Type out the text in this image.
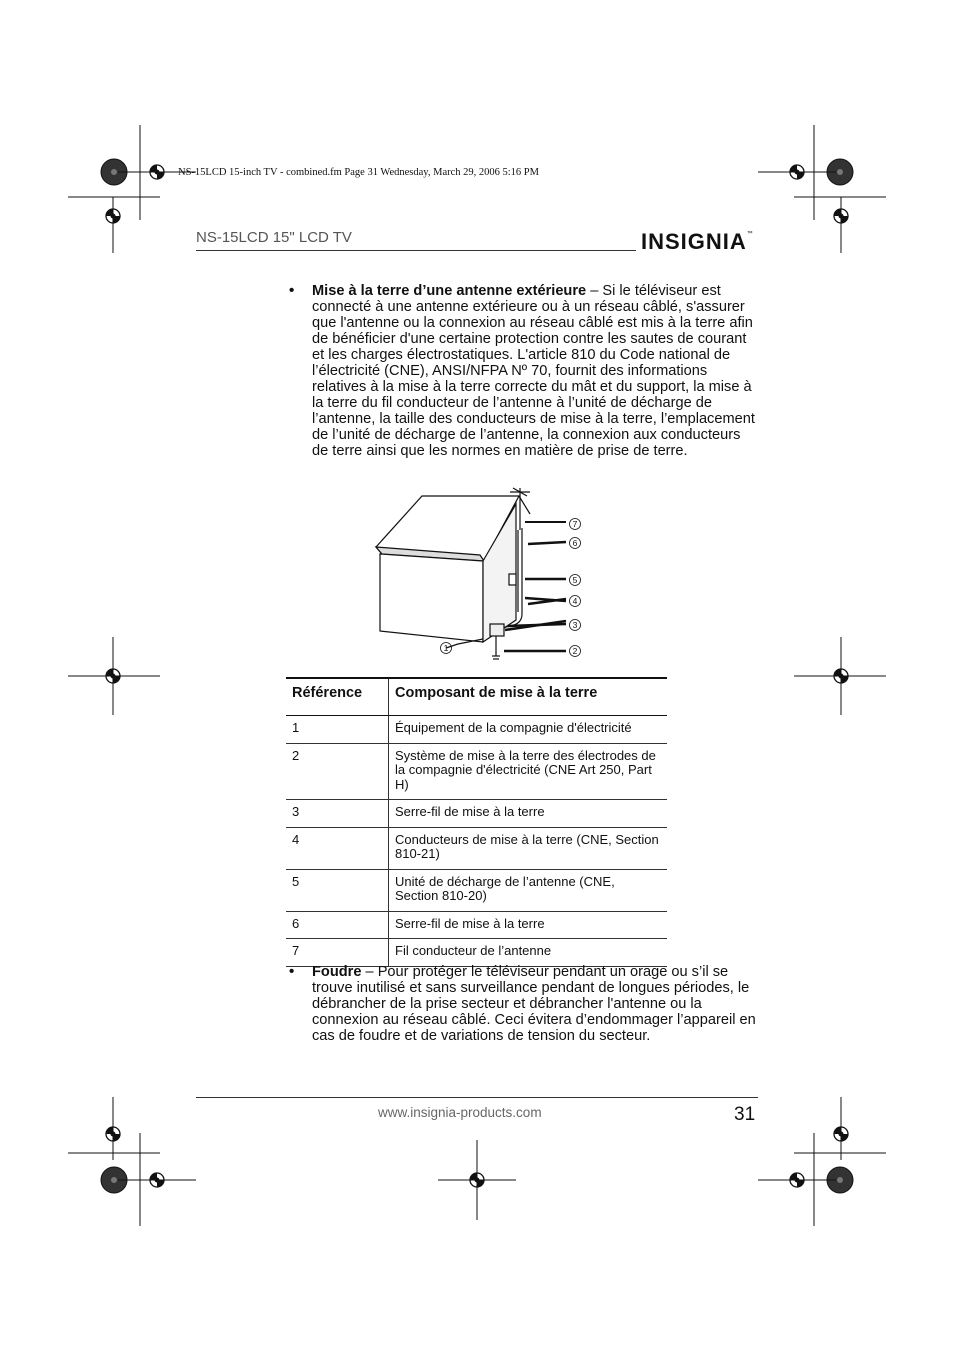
NS-15LCD 15-inch TV - combined.fm Page 31 Wednesday, March 29, 2006 5:16 PM
NS-15LCD 15" LCD TV	INSIGNIA™
• Mise à la terre d’une antenne extérieure – Si le téléviseur est connecté à une antenne extérieure ou à un réseau câblé, s'assurer que l'antenne ou la connexion au réseau câblé est mis à la terre afin de bénéficier d'une certaine protection contre les sautes de courant et les charges électrostatiques. L'article 810 du Code national de l’électricité (CNE), ANSI/NFPA Nº 70, fournit des informations relatives à la mise à la terre correcte du mât et du support, la mise à la terre du fil conducteur de l’antenne à l’unité de décharge de l’antenne, la taille des conducteurs de mise à la terre, l’emplacement de l’unité de décharge de l’antenne, la connexion aux conducteurs de terre ainsi que les normes en matière de prise de terre.
1	2
3
4
5
6
7
Référence	Composant de mise à la terre
1	Équipement de la compagnie d'électricité
2	Système de mise à la terre des électrodes de la compagnie d'électricité (CNE Art 250, Part H)
3	Serre-fil de mise à la terre
4	Conducteurs de mise à la terre (CNE, Section 810-21)
5	Unité de décharge de l’antenne (CNE, Section 810-20)
6	Serre-fil de mise à la terre
7	Fil conducteur de l’antenne
• Foudre – Pour protéger le téléviseur pendant un orage ou s’il se trouve inutilisé et sans surveillance pendant de longues périodes, le débrancher de la prise secteur et débrancher l'antenne ou la connexion au réseau câblé. Ceci évitera d’endommager l’appareil en cas de foudre et de variations de tension du secteur.
www.insignia-products.com	31
